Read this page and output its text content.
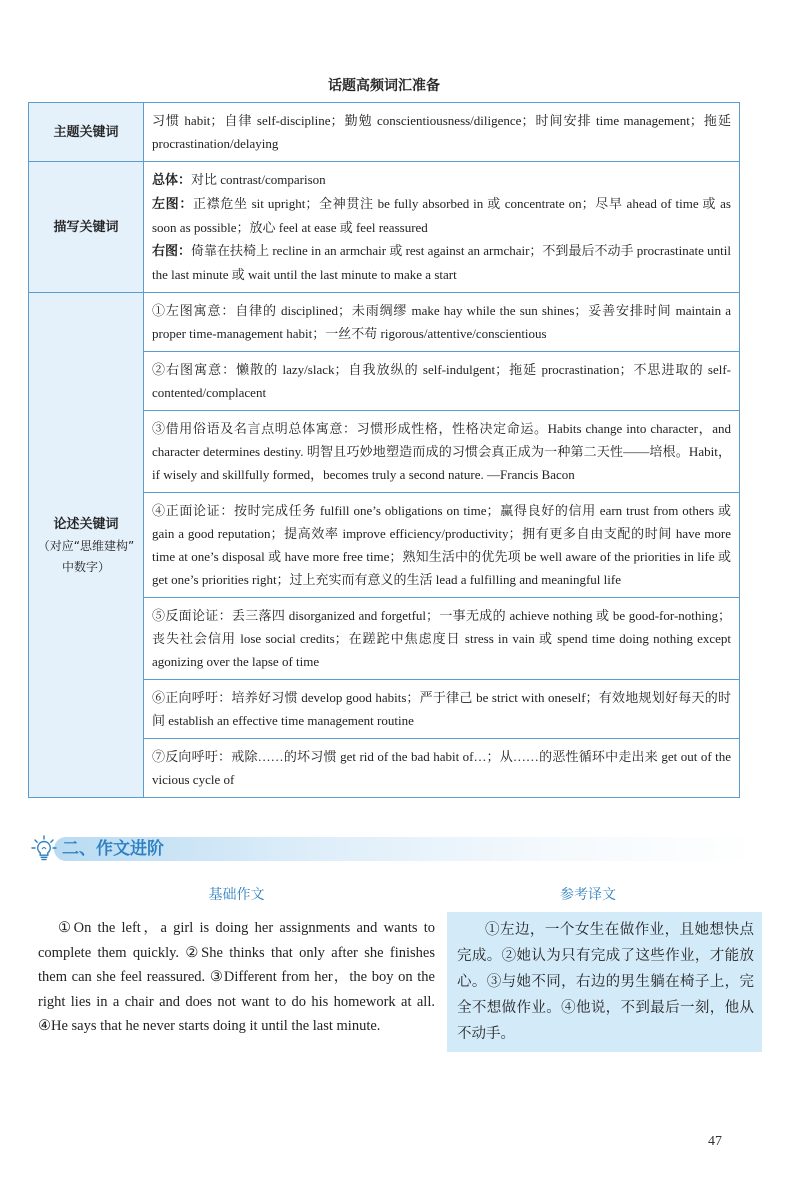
话题高频词汇准备
主题关键词	习惯 habit；自律 self-discipline；勤勉 conscientiousness/diligence；时间安排 time management；拖延 procrastination/delaying

描写关键词	总体：对比 contrast/comparison

左图：正襟危坐 sit upright；全神贯注 be fully absorbed in 或 concentrate on；尽早 ahead of time 或 as soon as possible；放心 feel at ease 或 feel reassured

右图：倚靠在扶椅上 recline in an armchair 或 rest against an armchair；不到最后不动手 procrastinate until the last minute 或 wait until the last minute to make a start

论述关键词
（对应“思维建构”
中数字）	①左图寓意：自律的 disciplined；未雨绸缪 make hay while the sun shines；妥善安排时间 maintain a proper time-management habit；一丝不苟 rigorous/attentive/conscientious

	②右图寓意：懒散的 lazy/slack；自我放纵的 self-indulgent；拖延 procrastination；不思进取的 self-contented/complacent

	③借用俗语及名言点明总体寓意：习惯形成性格，性格决定命运。Habits change into character，and character determines destiny. 明智且巧妙地塑造而成的习惯会真正成为一种第二天性——培根。Habit，if wisely and skillfully formed，becomes truly a second nature. —Francis Bacon

	④正面论证：按时完成任务 fulfill one’s obligations on time；赢得良好的信用 earn trust from others 或 gain a good reputation；提高效率 improve efficiency/productivity；拥有更多自由支配的时间 have more time at one’s disposal 或 have more free time；熟知生活中的优先项 be well aware of the priorities in life 或 get one’s priorities right；过上充实而有意义的生活 lead a fulfilling and meaningful life

	⑤反面论证：丢三落四 disorganized and forgetful；一事无成的 achieve nothing 或 be good-for-nothing；丧失社会信用 lose social credits；在蹉跎中焦虑度日 stress in vain 或 spend time doing nothing except agonizing over the lapse of time

	⑥正向呼吁：培养好习惯 develop good habits；严于律己 be strict with oneself；有效地规划好每天的时间 establish an effective time management routine

	⑦反向呼吁：戒除……的坏习惯 get rid of the bad habit of…；从……的恶性循环中走出来 get out of the vicious cycle of

二、作文进阶
基础作文

①On the left，a girl is doing her assignments and wants to complete them quickly. ②She thinks that only after she finishes them can she feel reassured. ③Different from her，the boy on the right lies in a chair and does not want to do his homework at all. ④He says that he never starts doing it until the last minute.

参考译文

①左边，一个女生在做作业，且她想快点完成。②她认为只有完成了这些作业，才能放心。③与她不同，右边的男生躺在椅子上，完全不想做作业。④他说，不到最后一刻，他从不动手。

47
